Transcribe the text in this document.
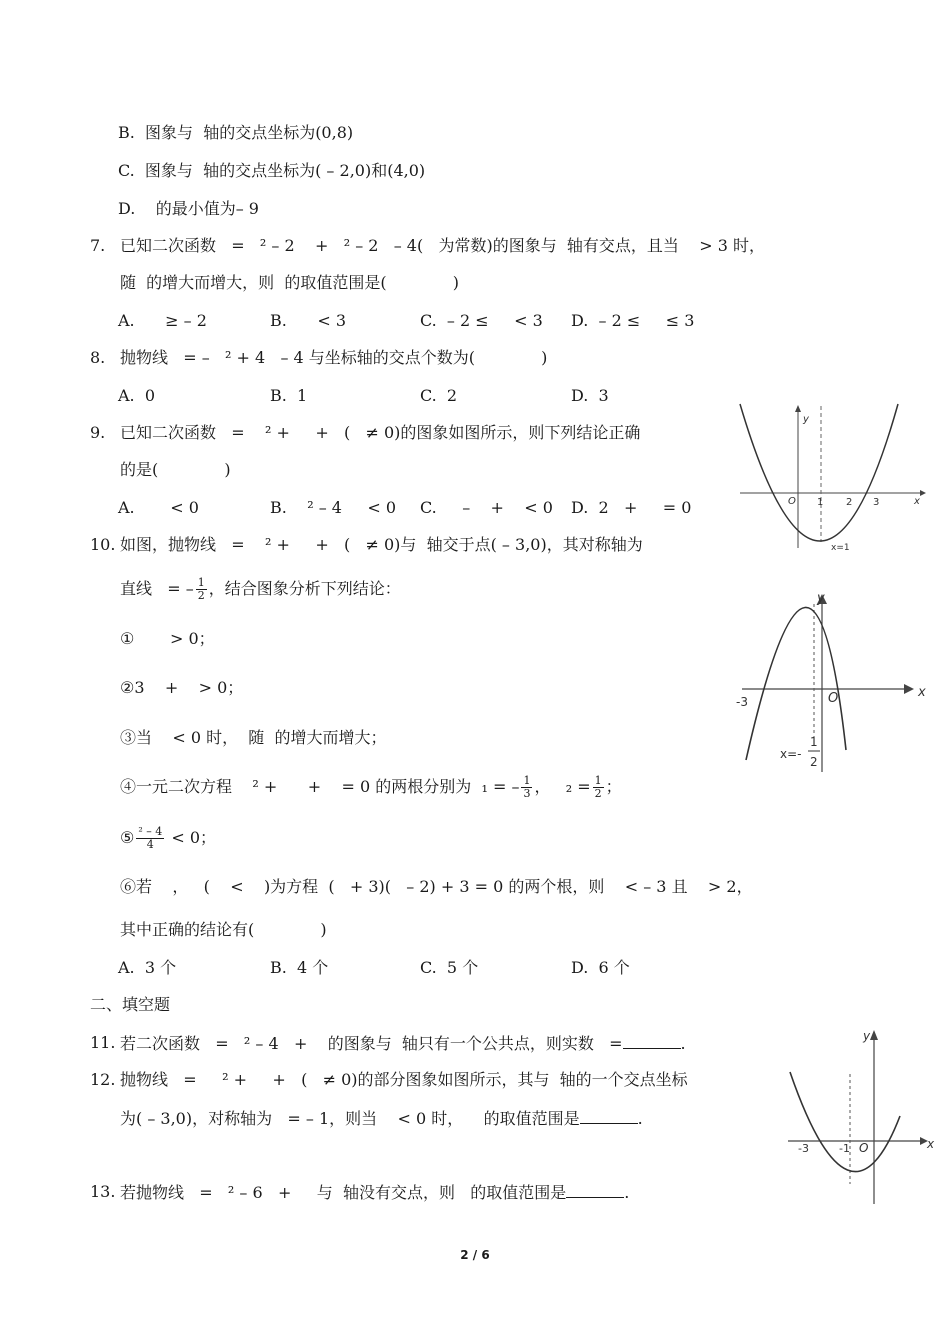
B.  图象与  轴的交点坐标为(0,8)
C.  图象与  轴的交点坐标为( – 2,0)和(4,0)
D.    的最小值为– 9
7. 已知二次函数   =   ² – 2    +   ² – 2   – 4(   为常数)的图象与  轴有交点，且当    > 3 时，
随  的增大而增大，则  的取值范围是(             )
A.      ≥ – 2	B.      < 3	C.  – 2 ≤     < 3 D.  – 2 ≤     ≤ 3
8. 抛物线   = –   ² + 4   – 4 与坐标轴的交点个数为(             )
A.  0	B.  1	C.  2	D.  3
9. 已知二次函数   =    ² +     +   (   ≠ 0)的图象如图所示，则下列结论正确
的是(             )
A.       < 0	B.    ² – 4     < 0 C.     –    +    < 0 D.  2   +     = 0
y
x
O 1 2 3
x=1
10. 如图，抛物线   =    ² +     +   (   ≠ 0)与  轴交于点( – 3,0)，其对称轴为
直线   = – $\frac{1}{2}$ ，结合图象分析下列结论：
①       > 0；
②3    +    > 0；
③当    < 0 时，  随  的增大而增大；
④一元二次方程    ² +      +    = 0 的两根分别为  ₁ = – $\frac{1}{3}$ ，   $_2 = \frac{1}{2}$ ；
⑤ $\frac{\text{² – 4}}{4} < 0$；
⑥若    ，   (    <    )为方程  (   + 3)(   – 2) + 3 = 0 的两个根，则    < – 3 且    > 2，
其中正确的结论有(             )
A.  3 个	B.  4 个	C.  5 个	D.  6 个
y
x
O
-3
x=-
1
2
二、填空题
11. 若二次函数   =   ² – 4   +    的图象与  轴只有一个公共点，则实数   =	.
12. 抛物线   =     ² +     +   (   ≠ 0)的部分图象如图所示，其与  轴的一个交点坐标
为( – 3,0)，对称轴为   = – 1，则当    < 0 时，    的取值范围是	.
y
x
O
-3	-1
13. 若抛物线   =   ² – 6   +     与  轴没有交点，则   的取值范围是	.
2 / 6
